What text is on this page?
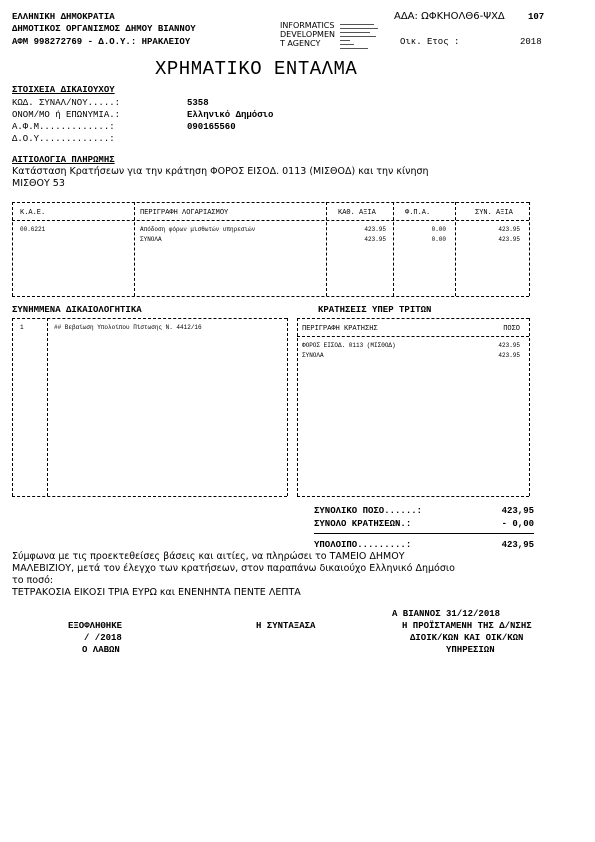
ΕΛΛΗΝΙΚΗ ΔΗΜΟΚΡΑΤΙΑ
ΔΗΜΟΤΙΚΟΣ ΟΡΓΑΝΙΣΜΟΣ ΔΗΜΟΥ ΒΙΑΝΝΟΥ
ΑΦΜ 998272769 - Δ.Ο.Υ.: ΗΡΑΚΛΕΙΟΥ
INFORMATICS
DEVELOPMEN
T AGENCY
ΑΔΑ: ΩΦΚΗΟΛΘ6-ΨΧΔ	107
Οικ. Ετος :	2018
ΧΡΗΜΑΤΙΚΟ ΕΝΤΑΛΜΑ
ΣΤΟΙΧΕΙΑ ΔΙΚΑΙΟΥΧΟΥ
ΚΩΔ. ΣΥΝΑΛ/ΝΟΥ.....:	5358
ΟΝΟΜ/ΜΟ ή ΕΠΩΝΥΜΙΑ.:	Ελληνικό Δημόσιο
Α.Φ.Μ.............:	090165560
Δ.Ο.Υ.............:
ΑΙΤΙΟΛΟΓΙΑ ΠΛΗΡΩΜΗΣ
Κατάσταση Κρατήσεων για την κράτηση ΦΟΡΟΣ ΕΙΣΟΔ. 0113 (ΜΙΣΘΟΔ) και την κίνηση
ΜΙΣΘΟΥ 53
Κ.Α.Ε.	ΠΕΡΙΓΡΑΦΗ ΛΟΓΑΡΙΑΣΜΟΥ	ΚΑΘ. ΑΞΙΑ	Φ.Π.Α.	ΣΥΝ. ΑΞΙΑ
00.6221	Απόδοση φόρων μισθωτών υπηρεσιών	423.95	0.00	423.95
ΣΥΝΟΛΑ	423.95	0.00	423.95
ΣΥΝΗΜΜΕΝΑ ΔΙΚΑΙΟΛΟΓΗΤΙΚΑ
1	## Βεβαίωση Υπολοίπου Πίστωσης Ν. 4412/16
ΚΡΑΤΗΣΕΙΣ ΥΠΕΡ ΤΡΙΤΩΝ
ΠΕΡΙΓΡΑΦΗ ΚΡΑΤΗΣΗΣ	ΠΟΣΟ
ΦΟΡΟΣ ΕΙΣΟΔ. 0113 (ΜΙΣΘΟΔ)	423.95
ΣΥΝΟΛΑ	423.95
ΣΥΝΟΛΙΚΟ ΠΟΣΟ......:	423,95
ΣΥΝΟΛΟ ΚΡΑΤΗΣΕΩΝ.:	- 0,00
ΥΠΟΛΟΙΠΟ.........:	423,95
Σύμφωνα με τις προεκτεθείσες βάσεις και αιτίες, να πληρώσει το ΤΑΜΕΙΟ ΔΗΜΟΥ
ΜΑΛΕΒΙΖΙΟΥ, μετά τον έλεγχο των κρατήσεων, στον παραπάνω δικαιούχο Ελληνικό Δημόσιο
το ποσό:
ΤΕΤΡΑΚΟΣΙΑ ΕΙΚΟΣΙ ΤΡΙΑ ΕΥΡΩ και ΕΝΕΝΗΝΤΑ ΠΕΝΤΕ ΛΕΠΤΑ
Α ΒΙΑΝΝΟΣ 31/12/2018
ΕΞΟΦΛΗΘΗΚΕ
/ /2018
Ο ΛΑΒΩΝ
Η ΣΥΝΤΑΞΑΣΑ	Η ΠΡΟΪΣΤΑΜΕΝΗ ΤΗΣ Δ/ΝΣΗΣ
ΔΙΟΙΚ/ΚΩΝ ΚΑΙ ΟΙΚ/ΚΩΝ
ΥΠΗΡΕΣΙΩΝ
